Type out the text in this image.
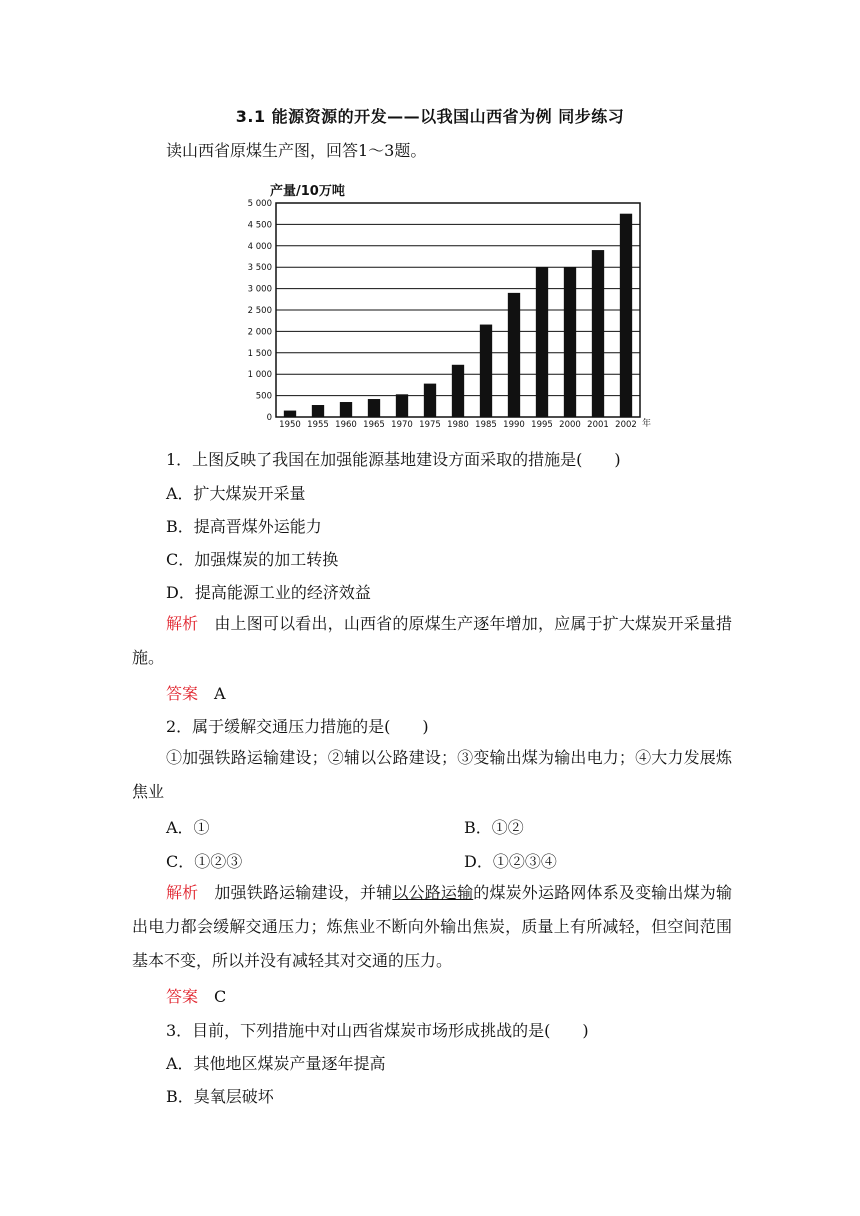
3.1 能源资源的开发——以我国山西省为例 同步练习
读山西省原煤生产图，回答1～3题。
产量/10万吨
0
500
1 000
1 500
2 000
2 500
3 000
3 500
4 000
4 500
5 000
1950 1955 1960 1965 1970 1975 1980 1985 1990 1995 2000 2001 2002 年
1．上图反映了我国在加强能源基地建设方面采取的措施是(　　)
A．扩大煤炭开采量
B．提高晋煤外运能力
C．加强煤炭的加工转换
D．提高能源工业的经济效益
解析 由上图可以看出，山西省的原煤生产逐年增加，应属于扩大煤炭开采量措施。
答案 A
2．属于缓解交通压力措施的是(　　)
①加强铁路运输建设；②辅以公路建设；③变输出煤为输出电力；④大力发展炼焦业
A．①	B．①②
C．①②③	D．①②③④
解析 加强铁路运输建设，并辅以公路运输的煤炭外运路网体系及变输出煤为输出电力都会缓解交通压力；炼焦业不断向外输出焦炭，质量上有所减轻，但空间范围基本不变，所以并没有减轻其对交通的压力。
答案 C
3．目前，下列措施中对山西省煤炭市场形成挑战的是(　　)
A．其他地区煤炭产量逐年提高
B．臭氧层破坏
